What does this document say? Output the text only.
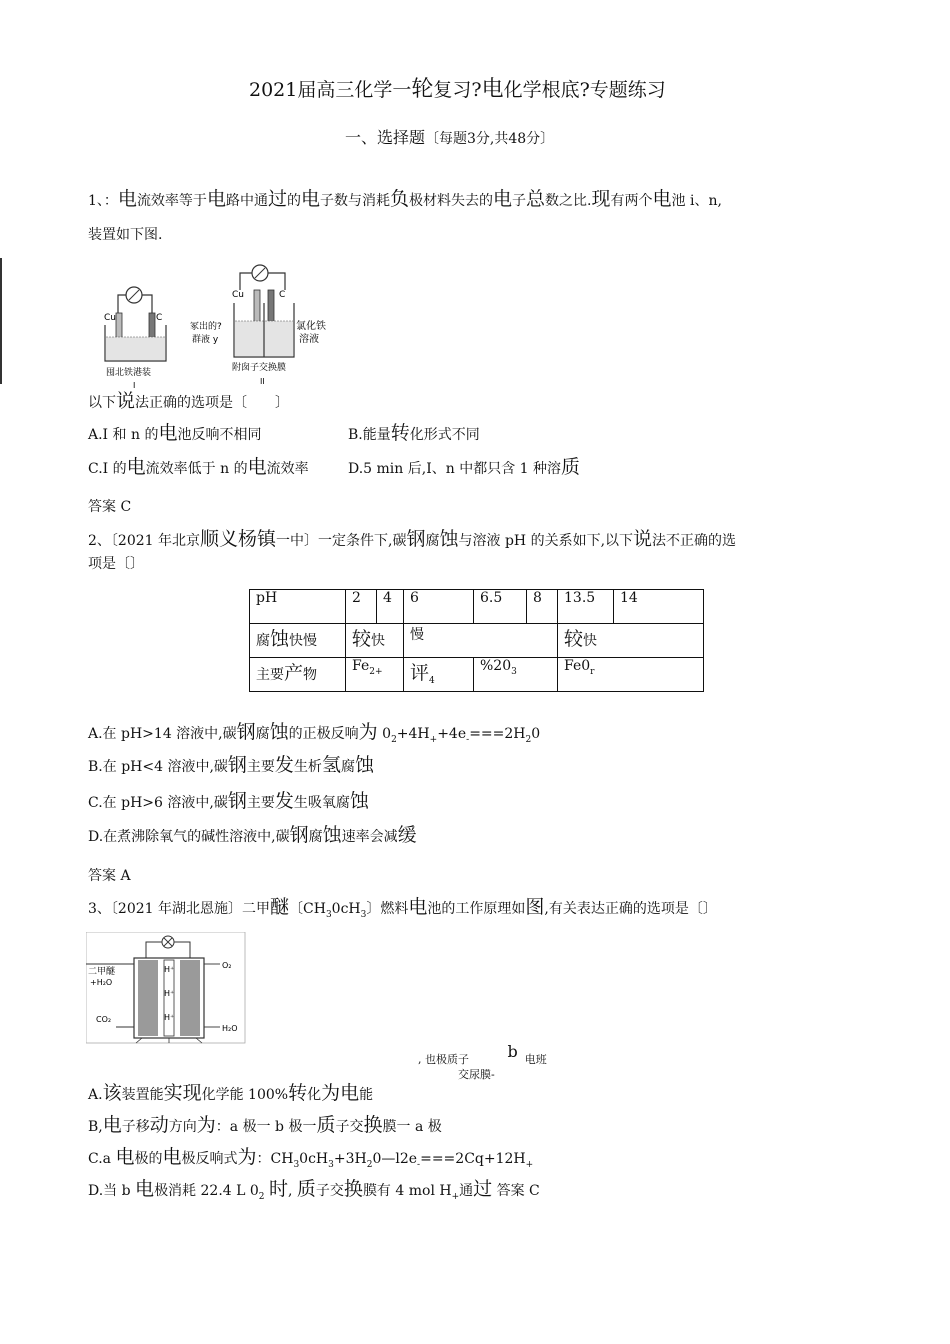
2021届高三化学一轮复习?电化学根底?专题练习
一、选择题〔每题3分,共48分〕
1、：电流效率等于电路中通过的电子数与消耗负极材料失去的电子总数之比.现有两个电池 i、n,
装置如下图.
Cu	C
囤北铁港装
I
Cu	C
冢出的?
群液 y
氯化铁
溶液
附囱子交换膜
II
以下说法正确的选项是〔　　〕
A.I 和 n 的电池反响不相同	B.能量转化形式不同
C.I 的电流效率低于 n 的电流效率	D.5 min 后,I、n 中都只含 1 种溶质
答案 C
2、〔2021 年北京顺义杨镇一中〕一定条件下,碳钢腐蚀与溶液 pH 的关系如下,以下说法不正确的选
项是〔〕
pH	2	4	6	6.5	8	13.5	14
腐蚀快慢	较快		慢			较快	
主要产物	$Fe_{2+}$		评$_4$	$\%20_3$		$Fe0_r$
A.在 pH>14 溶液中,碳钢腐蚀的正极反响为 $0_2+4H_++4e_-===2H_20$
B.在 pH<4 溶液中,碳钢主要发生析氢腐蚀
C.在 pH>6 溶液中,碳钢主要发生吸氧腐蚀
D.在煮沸除氧气的碱性溶液中,碳钢腐蚀速率会减缓
答案 A
3、〔2021 年湖北恩施〕二甲醚〔$CH_30cH_3$〕燃料电池的工作原理如图,有关表达正确的选项是〔〕
H⁺
H⁺
H⁺
二甲醚
+H₂O
CO₂
O₂
H₂O
, 也极质子 b 电班
交尿膜-
A.该装置能实现化学能 100%转化为电能
B,电子移动方向为：a 极一 b 极一质子交换膜一 a 极
C.a 电极的电极反响式为：$CH_30cH_3+3H_20—l2e_-===2Cq+12H_+$
D.当 b 电极消耗 22.4 L $0_2$ 时, 质子交换膜有 4 mol $H_+$通过 答案 C
